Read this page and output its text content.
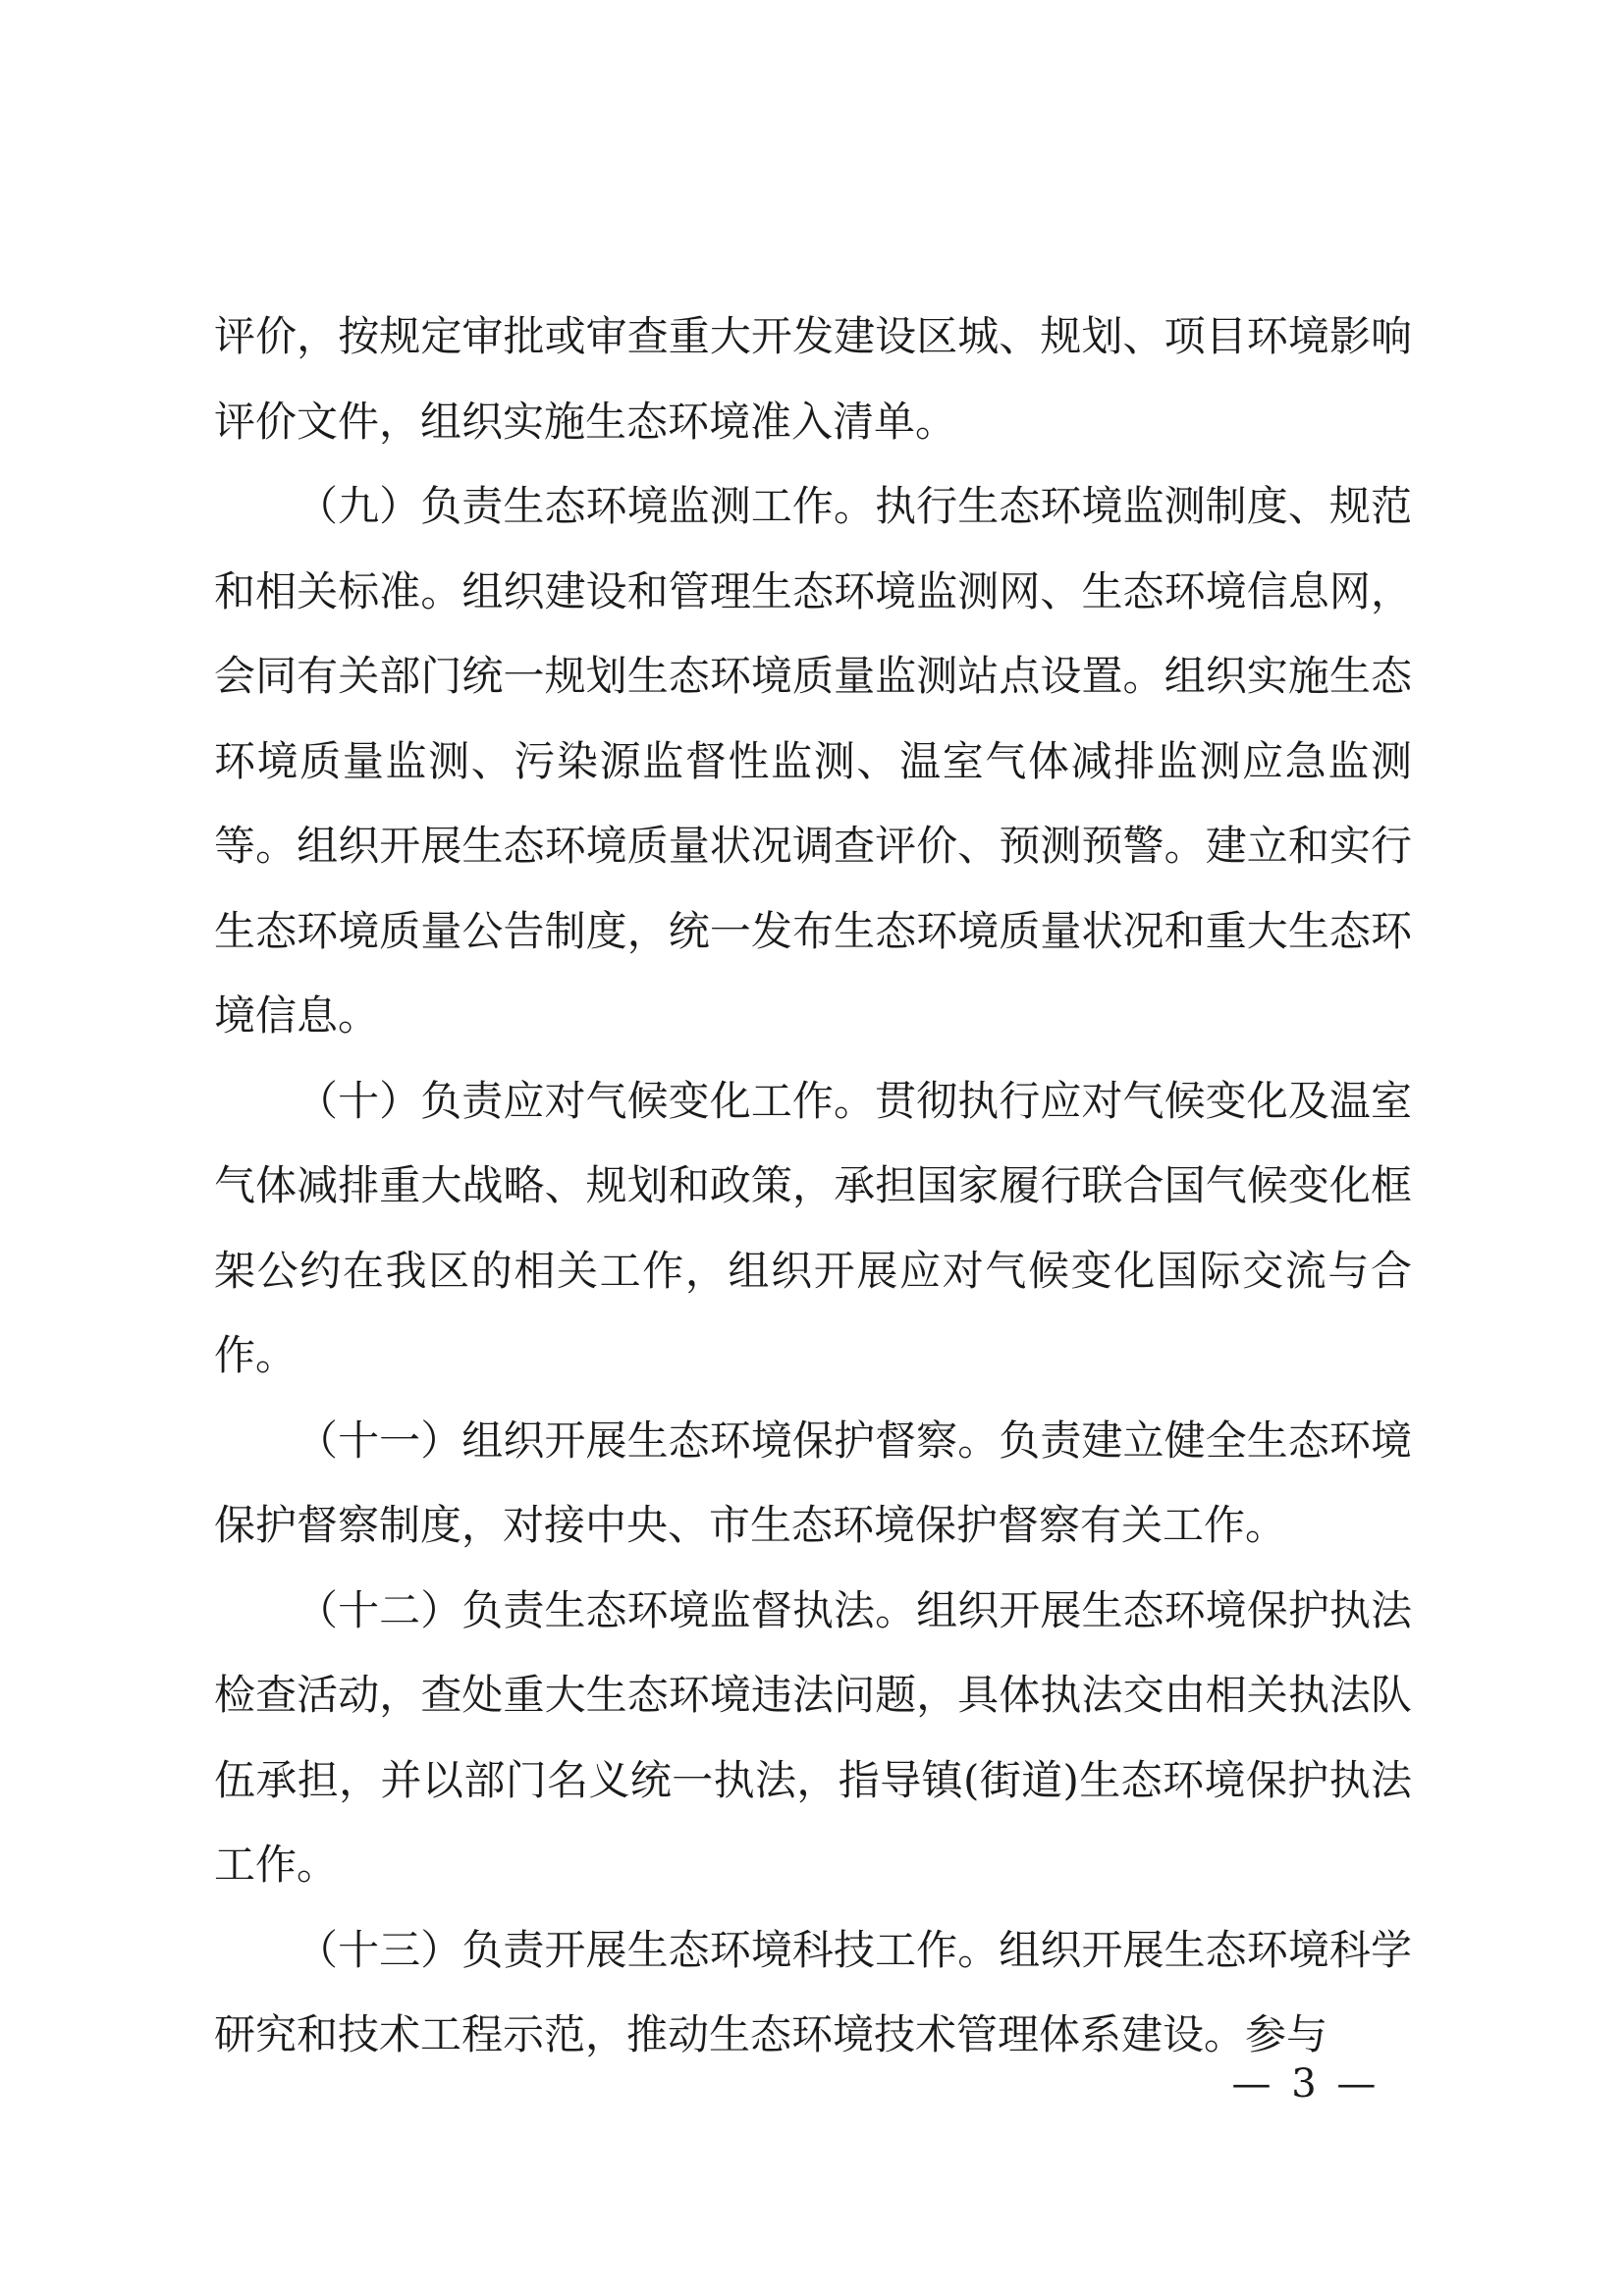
评价，按规定审批或审查重大开发建设区城、规划、项目环境影响评价文件，组织实施生态环境准入清单。

（九）负责生态环境监测工作。执行生态环境监测制度、规范和相关标准。组织建设和管理生态环境监测网、生态环境信息网，会同有关部门统一规划生态环境质量监测站点设置。组织实施生态环境质量监测、污染源监督性监测、温室气体减排监测应急监测等。组织开展生态环境质量状况调查评价、预测预警。建立和实行生态环境质量公告制度，统一发布生态环境质量状况和重大生态环境信息。

（十）负责应对气候变化工作。贯彻执行应对气候变化及温室气体减排重大战略、规划和政策，承担国家履行联合国气候变化框架公约在我区的相关工作，组织开展应对气候变化国际交流与合作。

（十一）组织开展生态环境保护督察。负责建立健全生态环境保护督察制度，对接中央、市生态环境保护督察有关工作。

（十二）负责生态环境监督执法。组织开展生态环境保护执法检查活动，查处重大生态环境违法问题，具体执法交由相关执法队伍承担，并以部门名义统一执法，指导镇(街道)生态环境保护执法工作。

（十三）负责开展生态环境科技工作。组织开展生态环境科学研究和技术工程示范，推动生态环境技术管理体系建设。参与

— 3 —
